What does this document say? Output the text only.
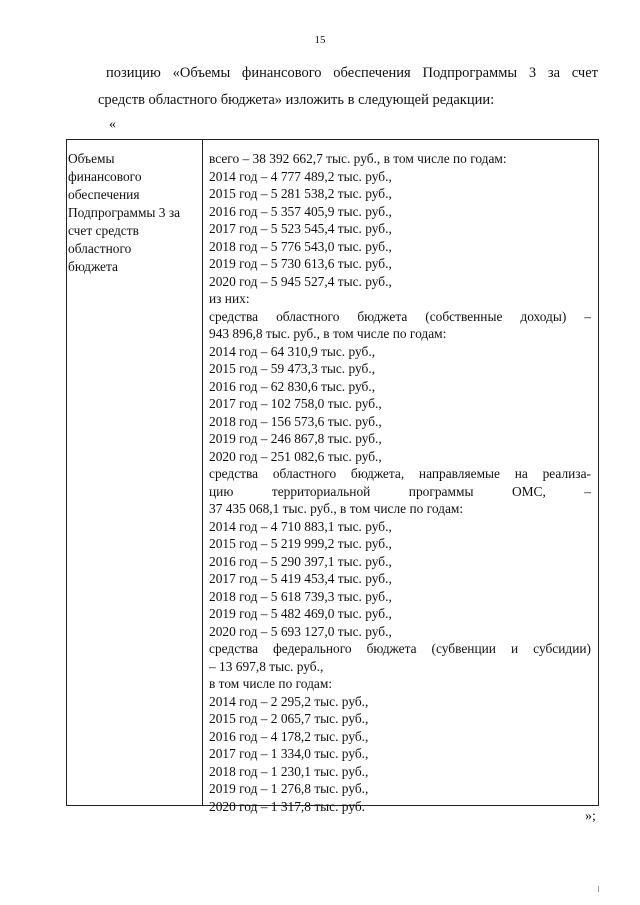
15
позицию «Объемы финансового обеспечения Подпрограммы 3 за счет
средств областного бюджета» изложить в следующей редакции:
«
Объемы
финансового
обеспечения
Подпрограммы 3 за
счет средств
областного
бюджета
всего – 38 392 662,7 тыс. руб., в том числе по годам:
2014 год – 4 777 489,2 тыс. руб.,
2015 год – 5 281 538,2 тыс. руб.,
2016 год – 5 357 405,9 тыс. руб.,
2017 год – 5 523 545,4 тыс. руб.,
2018 год – 5 776 543,0 тыс. руб.,
2019 год – 5 730 613,6 тыс. руб.,
2020 год – 5 945 527,4 тыс. руб.,
из них:
средства областного бюджета (собственные доходы) –
943 896,8 тыс. руб., в том числе по годам:
2014 год – 64 310,9 тыс. руб.,
2015 год – 59 473,3 тыс. руб.,
2016 год – 62 830,6 тыс. руб.,
2017 год – 102 758,0 тыс. руб.,
2018 год – 156 573,6 тыс. руб.,
2019 год – 246 867,8 тыс. руб.,
2020 год – 251 082,6 тыс. руб.,
средства областного бюджета, направляемые на реализа-
цию территориальной программы ОМС, –
37 435 068,1 тыс. руб., в том числе по годам:
2014 год – 4 710 883,1 тыс. руб.,
2015 год – 5 219 999,2 тыс. руб.,
2016 год – 5 290 397,1 тыс. руб.,
2017 год – 5 419 453,4 тыс. руб.,
2018 год – 5 618 739,3 тыс. руб.,
2019 год – 5 482 469,0 тыс. руб.,
2020 год – 5 693 127,0 тыс. руб.,
средства федерального бюджета (субвенции и субсидии)
– 13 697,8 тыс. руб.,
в том числе по годам:
2014 год – 2 295,2 тыс. руб.,
2015 год – 2 065,7 тыс. руб.,
2016 год – 4 178,2 тыс. руб.,
2017 год – 1 334,0 тыс. руб.,
2018 год – 1 230,1 тыс. руб.,
2019 год – 1 276,8 тыс. руб.,
2020 год – 1 317,8 тыс. руб.
»;
